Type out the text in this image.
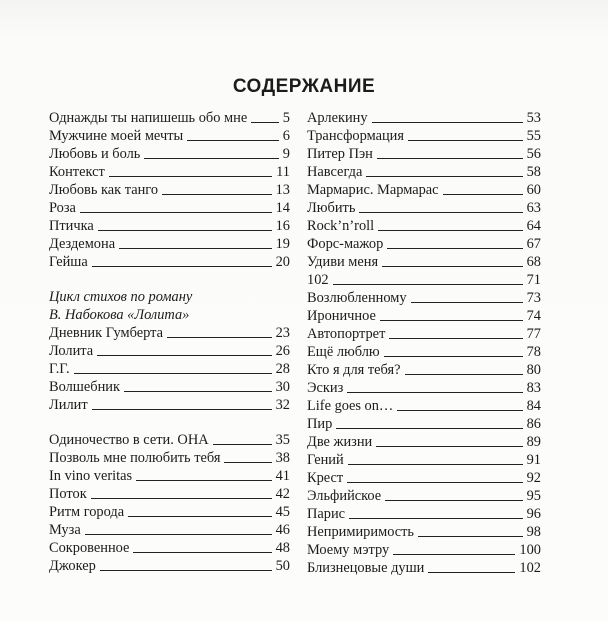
СОДЕРЖАНИЕ
Однажды ты напишешь обо мне 5
Мужчине моей мечты	6
Любовь и боль	9
Контекст	11
Любовь как танго	13
Роза	14
Птичка	16
Дездемона	19
Гейша	20
Цикл стихов по роману
В. Набокова «Лолита»
Дневник Гумберта	23
Лолита	26
Г.Г.	28
Волшебник	30
Лилит	32
Одиночество в сети. ОНА	35
Позволь мне полюбить тебя	38
In vino veritas	41
Поток	42
Ритм города	45
Муза	46
Сокровенное	48
Джокер	50
Арлекину	53
Трансформация	55
Питер Пэн	56
Навсегда	58
Мармарис. Мармарас	60
Любить	63
Rock’n’roll	64
Форс-мажор	67
Удиви меня	68
102	71
Возлюбленному	73
Ироничное	74
Автопортрет	77
Ещё люблю	78
Кто я для тебя?	80
Эскиз	83
Life goes on…	84
Пир	86
Две жизни	89
Гений	91
Крест	92
Эльфийское	95
Парис	96
Непримиримость	98
Моему мэтру	100
Близнецовые души	102
